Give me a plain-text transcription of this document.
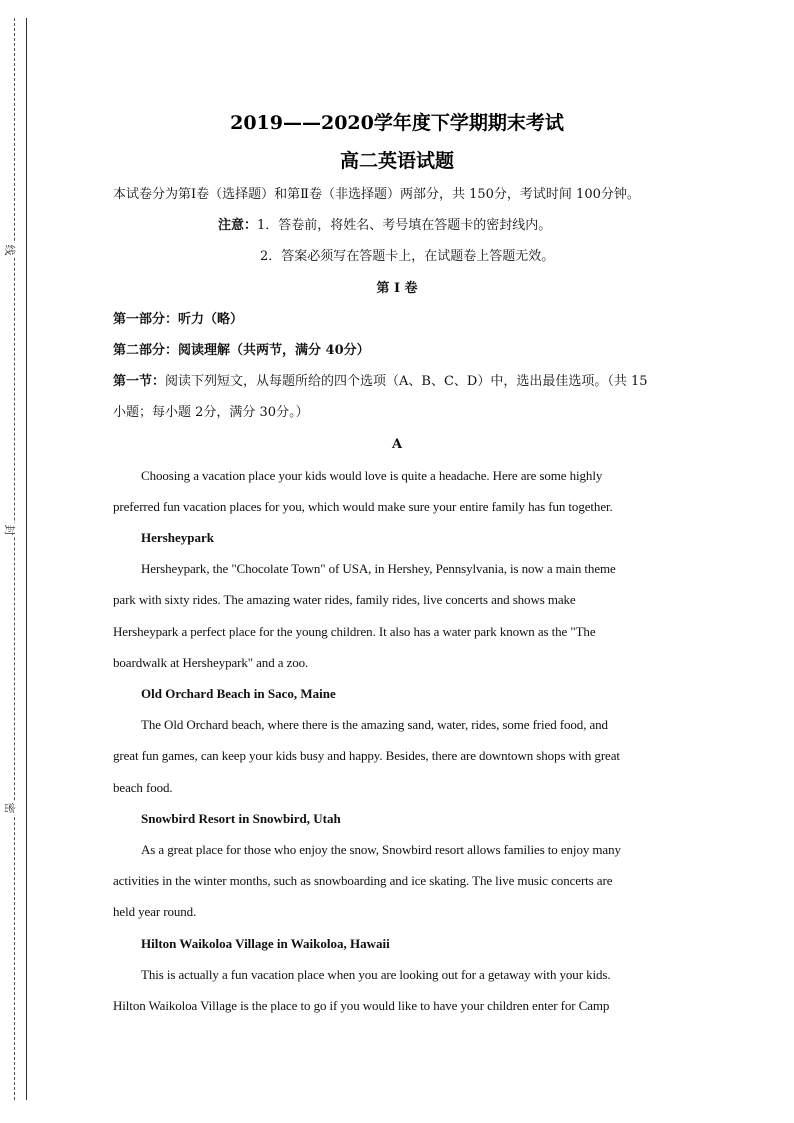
线
封
密
2019——2020学年度下学期期末考试
高二英语试题
本试卷分为第Ⅰ卷（选择题）和第Ⅱ卷（非选择题）两部分，共 150分，考试时间 100分钟。
注意：1．答卷前，将姓名、考号填在答题卡的密封线内。
2．答案必须写在答题卡上，在试题卷上答题无效。
第 Ⅰ 卷
第一部分：听力（略）
第二部分：阅读理解（共两节，满分 40分）
第一节：阅读下列短文，从每题所给的四个选项（A、B、C、D）中，选出最佳选项。（共 15
小题；每小题 2分，满分 30分。）
A
Choosing a vacation place your kids would love is quite a headache. Here are some highly
preferred fun vacation places for you, which would make sure your entire family has fun together.
Hersheypark
Hersheypark, the "Chocolate Town" of USA, in Hershey, Pennsylvania, is now a main theme
park with sixty rides. The amazing water rides, family rides, live concerts and shows make
Hersheypark a perfect place for the young children. It also has a water park known as the "The
boardwalk at Hersheypark" and a zoo.
Old Orchard Beach in Saco, Maine
The Old Orchard beach, where there is the amazing sand, water, rides, some fried food, and
great fun games, can keep your kids busy and happy. Besides, there are downtown shops with great
beach food.
Snowbird Resort in Snowbird, Utah
As a great place for those who enjoy the snow, Snowbird resort allows families to enjoy many
activities in the winter months, such as snowboarding and ice skating. The live music concerts are
held year round.
Hilton Waikoloa Village in Waikoloa, Hawaii
This is actually a fun vacation place when you are looking out for a getaway with your kids.
Hilton Waikoloa Village is the place to go if you would like to have your children enter for Camp
